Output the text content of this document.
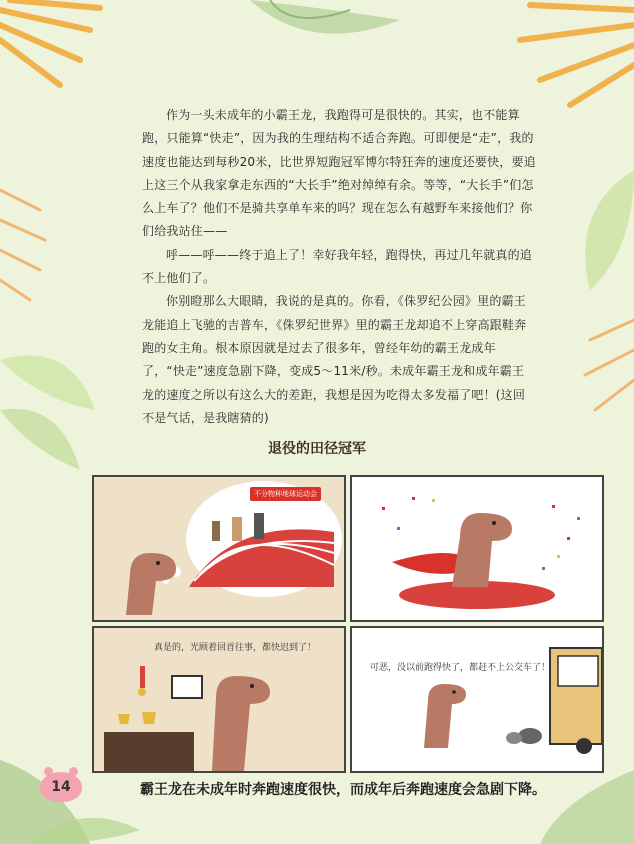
作为一头未成年的小霸王龙，我跑得可是很快的。其实，也不能算跑，只能算“快走”，因为我的生理结构不适合奔跑。可即便是“走”，我的速度也能达到每秒20米，比世界短跑冠军博尔特狂奔的速度还要快，要追上这三个从我家拿走东西的“大长手”绝对绰绰有余。等等，“大长手”们怎么上车了？他们不是骑共享单车来的吗？现在怎么有越野车来接他们？你们给我站住——

呼——呼——终于追上了！幸好我年轻，跑得快，再过几年就真的追不上他们了。

你别瞪那么大眼睛，我说的是真的。你看，《侏罗纪公园》里的霸王龙能追上飞驰的吉普车，《侏罗纪世界》里的霸王龙却追不上穿高跟鞋奔跑的女主角。根本原因就是过去了很多年，曾经年幼的霸王龙成年了，“快走”速度急剧下降，变成5～11米/秒。未成年霸王龙和成年霸王龙的速度之所以有这么大的差距，我想是因为吃得太多发福了吧！(这回不是气话，是我瞎猜的)

退役的田径冠军
不分物种地球运动会
真是的，光顾着回首往事，都快迟到了！
可恶，没以前跑得快了，都赶不上公交车了！
霸王龙在未成年时奔跑速度很快，而成年后奔跑速度会急剧下降。
14
